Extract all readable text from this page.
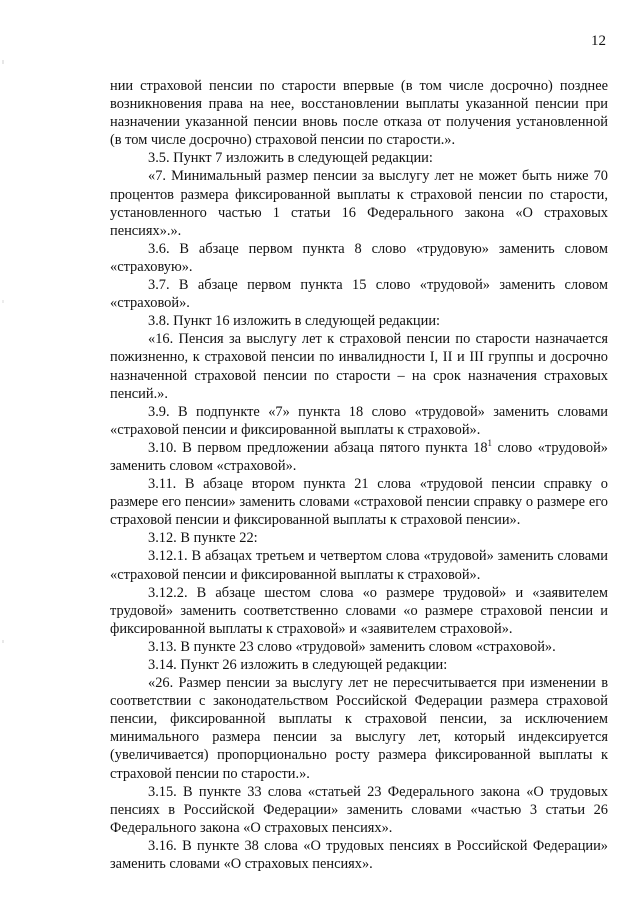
12

нии страховой пенсии по старости впервые (в том числе досрочно) позднее возникновения права на нее, восстановлении выплаты указанной пенсии при назначении указанной пенсии вновь после отказа от получения установленной (в том числе досрочно) страховой пенсии по старости.».

3.5. Пункт 7 изложить в следующей редакции:

«7. Минимальный размер пенсии за выслугу лет не может быть ниже 70 процентов размера фиксированной выплаты к страховой пенсии по старости, установленного частью 1 статьи 16 Федерального закона «О страховых пенсиях».».

3.6. В абзаце первом пункта 8 слово «трудовую» заменить словом «страховую».

3.7. В абзаце первом пункта 15 слово «трудовой» заменить словом «страховой».

3.8. Пункт 16 изложить в следующей редакции:

«16. Пенсия за выслугу лет к страховой пенсии по старости назначается пожизненно, к страховой пенсии по инвалидности I, II и III группы и досрочно назначенной страховой пенсии по старости – на срок назначения страховых пенсий.».

3.9. В подпункте «7» пункта 18 слово «трудовой» заменить словами «страховой пенсии и фиксированной выплаты к страховой».

3.10. В первом предложении абзаца пятого пункта $18^1$ слово «трудовой» заменить словом «страховой».

3.11. В абзаце втором пункта 21 слова «трудовой пенсии справку о размере его пенсии» заменить словами «страховой пенсии справку о размере его страховой пенсии и фиксированной выплаты к страховой пенсии».

3.12. В пункте 22:

3.12.1. В абзацах третьем и четвертом слова «трудовой» заменить словами «страховой пенсии и фиксированной выплаты к страховой».

3.12.2. В абзаце шестом слова «о размере трудовой» и «заявителем трудовой» заменить соответственно словами «о размере страховой пенсии и фиксированной выплаты к страховой» и «заявителем страховой».

3.13. В пункте 23 слово «трудовой» заменить словом «страховой».

3.14. Пункт 26 изложить в следующей редакции:

«26. Размер пенсии за выслугу лет не пересчитывается при изменении в соответствии с законодательством Российской Федерации размера страховой пенсии, фиксированной выплаты к страховой пенсии, за исключением минимального размера пенсии за выслугу лет, который индексируется (увеличивается) пропорционально росту размера фиксированной выплаты к страховой пенсии по старости.».

3.15. В пункте 33 слова «статьей 23 Федерального закона «О трудовых пенсиях в Российской Федерации» заменить словами «частью 3 статьи 26 Федерального закона «О страховых пенсиях».

3.16. В пункте 38 слова «О трудовых пенсиях в Российской Федерации» заменить словами «О страховых пенсиях».
